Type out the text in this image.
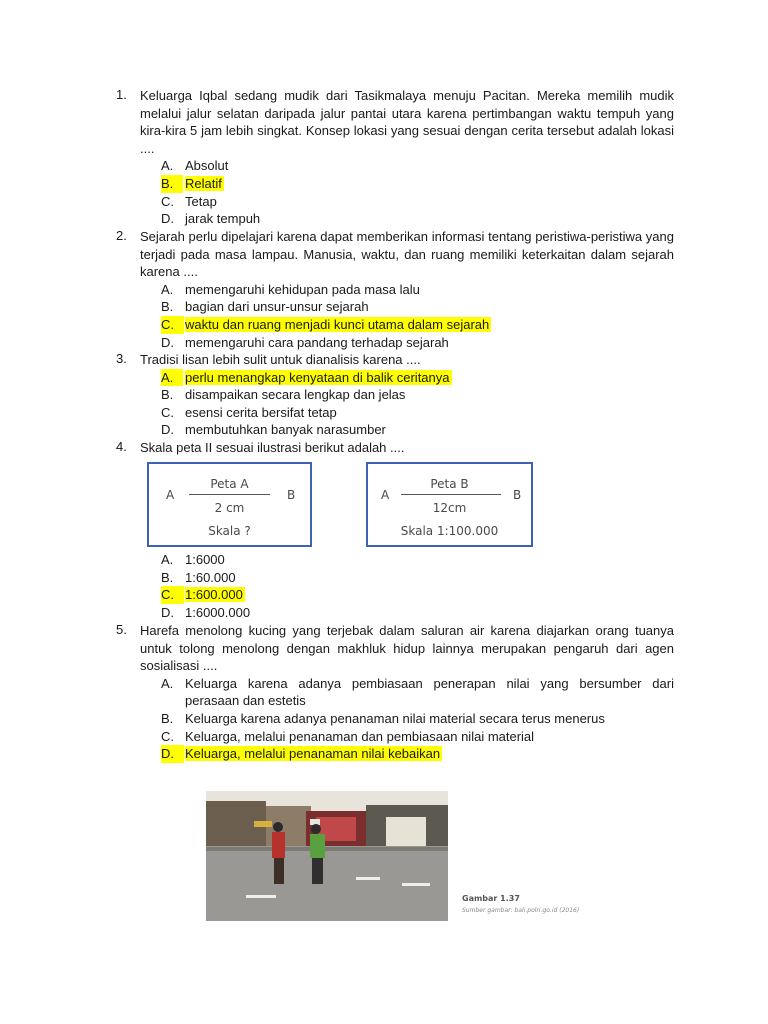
1. Keluarga Iqbal sedang mudik dari Tasikmalaya menuju Pacitan. Mereka memilih mudik melalui jalur selatan daripada jalur pantai utara karena pertimbangan waktu tempuh yang kira-kira 5 jam lebih singkat. Konsep lokasi yang sesuai dengan cerita tersebut adalah lokasi ....
A. Absolut
B. Relatif
C. Tetap
D. jarak tempuh
2. Sejarah perlu dipelajari karena dapat memberikan informasi tentang peristiwa-peristiwa yang terjadi pada masa lampau. Manusia, waktu, dan ruang memiliki keterkaitan dalam sejarah karena ....
A. memengaruhi kehidupan pada masa lalu
B. bagian dari unsur-unsur sejarah
C. waktu dan ruang menjadi kunci utama dalam sejarah
D. memengaruhi cara pandang terhadap sejarah
3. Tradisi lisan lebih sulit untuk dianalisis karena ....
A. perlu menangkap kenyataan di balik ceritanya
B. disampaikan secara lengkap dan jelas
C. esensi cerita bersifat tetap
D. membutuhkan banyak narasumber
4. Skala peta II sesuai ilustrasi berikut adalah ....
A
Peta A
2 cm
B
Skala ?
A
Peta B
12cm
B
Skala 1:100.000
A. 1:6000
B. 1:60.000
C. 1:600.000
D. 1:6000.000
5. Harefa menolong kucing yang terjebak dalam saluran air karena diajarkan orang tuanya untuk tolong menolong dengan makhluk hidup lainnya merupakan pengaruh dari agen sosialisasi ....
A. Keluarga karena adanya pembiasaan penerapan nilai yang bersumber dari perasaan dan estetis
B. Keluarga karena adanya penanaman nilai material secara terus menerus
C. Keluarga, melalui penanaman dan pembiasaan nilai material
D. Keluarga, melalui penanaman nilai kebaikan
Gambar 1.37
Sumber gambar: bali.polri.go.id (2016)
